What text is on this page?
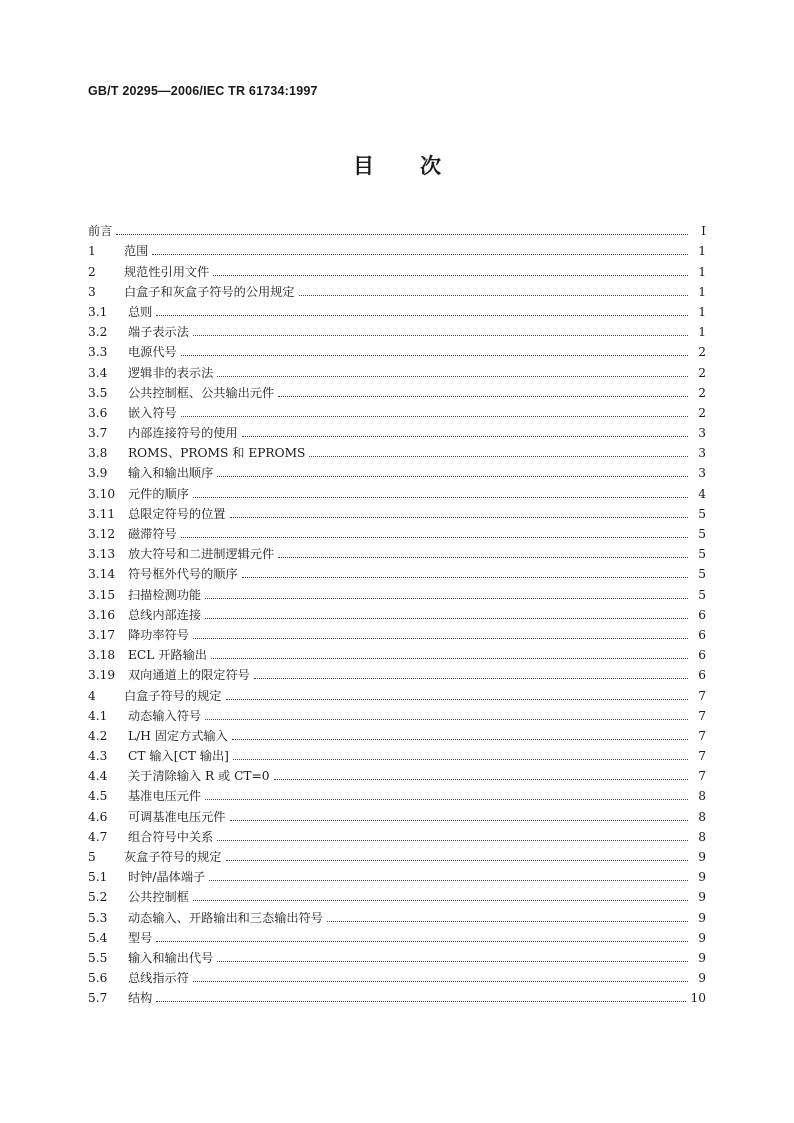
GB/T 20295—2006/IEC TR 61734:1997
目次
前言	I
1	范围	1
2	规范性引用文件	1
3	白盒子和灰盒子符号的公用规定	1
3.1	总则	1
3.2	端子表示法	1
3.3	电源代号	2
3.4	逻辑非的表示法	2
3.5	公共控制框、公共输出元件	2
3.6	嵌入符号	2
3.7	内部连接符号的使用	3
3.8	ROMS、PROMS 和 EPROMS	3
3.9	输入和输出顺序	3
3.10	元件的顺序	4
3.11	总限定符号的位置	5
3.12	磁滞符号	5
3.13	放大符号和二进制逻辑元件	5
3.14	符号框外代号的顺序	5
3.15	扫描检测功能	5
3.16	总线内部连接	6
3.17	降功率符号	6
3.18	ECL 开路输出	6
3.19	双向通道上的限定符号	6
4	白盒子符号的规定	7
4.1	动态输入符号	7
4.2	L/H 固定方式输入	7
4.3	CT 输入[CT 输出]	7
4.4	关于清除输入 R 或 CT=0	7
4.5	基准电压元件	8
4.6	可调基准电压元件	8
4.7	组合符号中关系	8
5	灰盒子符号的规定	9
5.1	时钟/晶体端子	9
5.2	公共控制框	9
5.3	动态输入、开路输出和三态输出符号	9
5.4	型号	9
5.5	输入和输出代号	9
5.6	总线指示符	9
5.7	结构	10
